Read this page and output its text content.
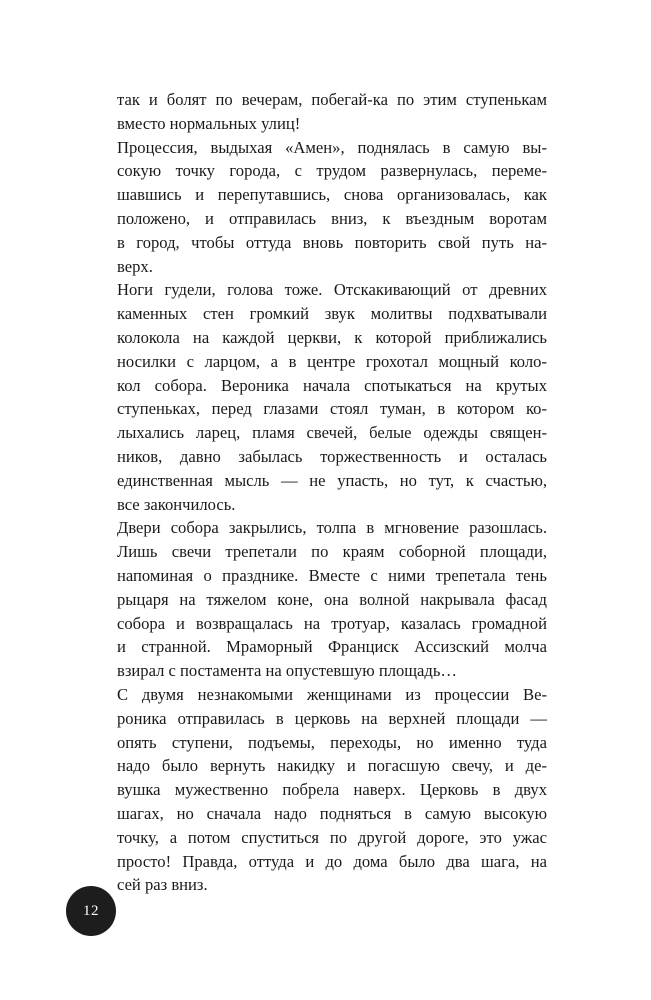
так и болят по вечерам, побегай-ка по этим ступенькам
вместо нормальных улиц!
Процессия, выдыхая «Амен», поднялась в самую вы-
сокую точку города, с трудом развернулась, переме-
шавшись и перепутавшись, снова организовалась, как
положено, и отправилась вниз, к въездным воротам
в город, чтобы оттуда вновь повторить свой путь на-
верх.
Ноги гудели, голова тоже. Отскакивающий от древних
каменных стен громкий звук молитвы подхватывали
колокола на каждой церкви, к которой приближались
носилки с ларцом, а в центре грохотал мощный коло-
кол собора. Вероника начала спотыкаться на крутых
ступеньках, перед глазами стоял туман, в котором ко-
лыхались ларец, пламя свечей, белые одежды священ-
ников, давно забылась торжественность и осталась
единственная мысль — не упасть, но тут, к счастью,
все закончилось.
Двери собора закрылись, толпа в мгновение разошлась.
Лишь свечи трепетали по краям соборной площади,
напоминая о празднике. Вместе с ними трепетала тень
рыцаря на тяжелом коне, она волной накрывала фасад
собора и возвращалась на тротуар, казалась громадной
и странной. Мраморный Франциск Ассизский молча
взирал с постамента на опустевшую площадь…
С двумя незнакомыми женщинами из процессии Ве-
роника отправилась в церковь на верхней площади —
опять ступени, подъемы, переходы, но именно туда
надо было вернуть накидку и погасшую свечу, и де-
вушка мужественно побрела наверх. Церковь в двух
шагах, но сначала надо подняться в самую высокую
точку, а потом спуститься по другой дороге, это ужас
просто! Правда, оттуда и до дома было два шага, на
сей раз вниз.
12
